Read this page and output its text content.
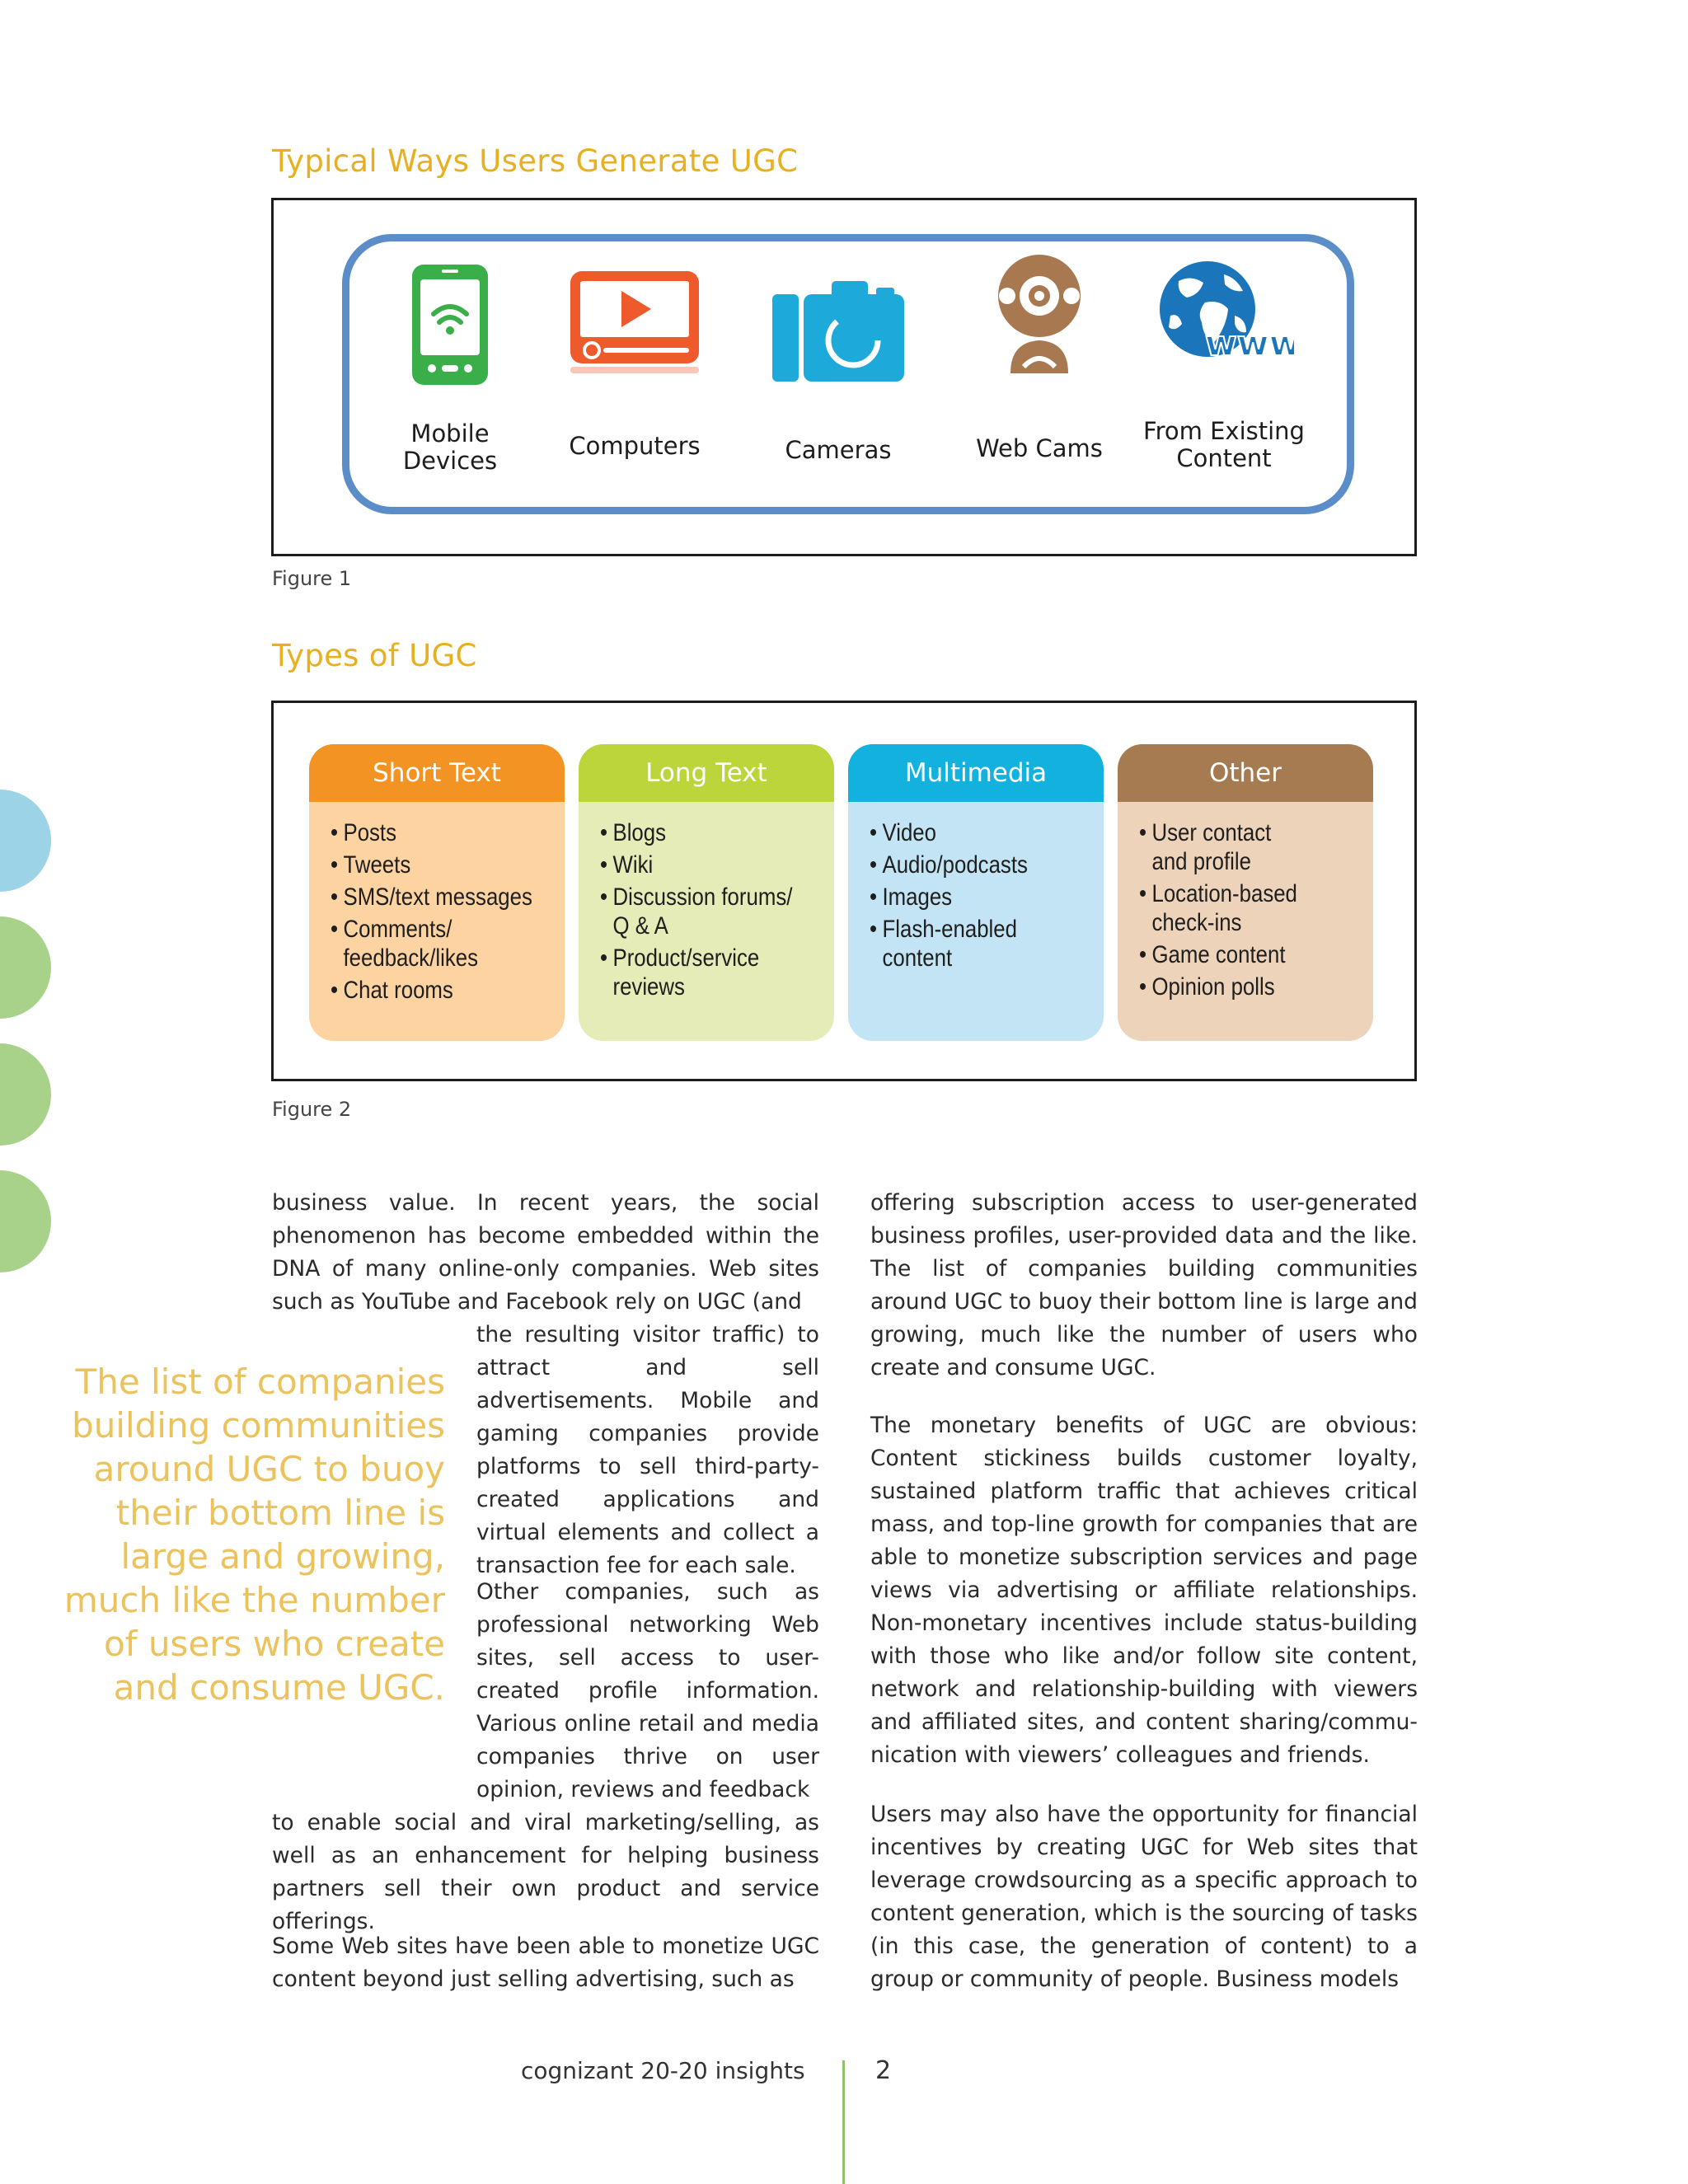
Typical Ways Users Generate UGC
Mobile
Devices
Computers	Cameras	Web Cams
www
From Existing
Content
Figure 1
Types of UGC
Short Text
• Posts
• Tweets
• SMS/text messages
• Comments/
feedback/likes
• Chat rooms
Long Text
• Blogs
• Wiki
• Discussion forums/
Q & A
• Product/service
reviews
Multimedia
• Video
• Audio/podcasts
• Images
• Flash-enabled
content
Other
• User contact
and profile
• Location-based
check-ins
• Game content
• Opinion polls
Figure 2
business value. In recent years, the social phenomenon has become embedded within the DNA of many online-only companies. Web sites such as YouTube and Facebook rely on UGC (and
the resulting visitor traffic) to attract and sell advertisements. Mobile and gaming companies provide platforms to sell third-party-created applications and virtual elements and collect a transaction fee for each sale.
Other companies, such as professional networking Web sites, sell access to user-created profile information. Various online retail and media companies thrive on user opinion, reviews and feedback
to enable social and viral marketing/selling, as well as an enhancement for helping business partners sell their own product and service offerings.
Some Web sites have been able to monetize UGC content beyond just selling advertising, such as
The list of companies building communities around UGC to buoy their bottom line is large and growing, much like the number of users who create and consume UGC.
offering subscription access to user-generated business profiles, user-provided data and the like. The list of companies building communities around UGC to buoy their bottom line is large and growing, much like the number of users who create and consume UGC.
The monetary benefits of UGC are obvious: Content stickiness builds customer loyalty, sustained platform traffic that achieves critical mass, and top-line growth for companies that are able to monetize subscription services and page views via advertising or affiliate relationships. Non-monetary incentives include status-building with those who like and/or follow site content, network and relationship-building with viewers and affiliated sites, and content sharing/commu-nication with viewers’ colleagues and friends.
Users may also have the opportunity for financial incentives by creating UGC for Web sites that leverage crowdsourcing as a specific approach to content generation, which is the sourcing of tasks (in this case, the generation of content) to a group or community of people. Business models
cognizant 20-20 insights	2
